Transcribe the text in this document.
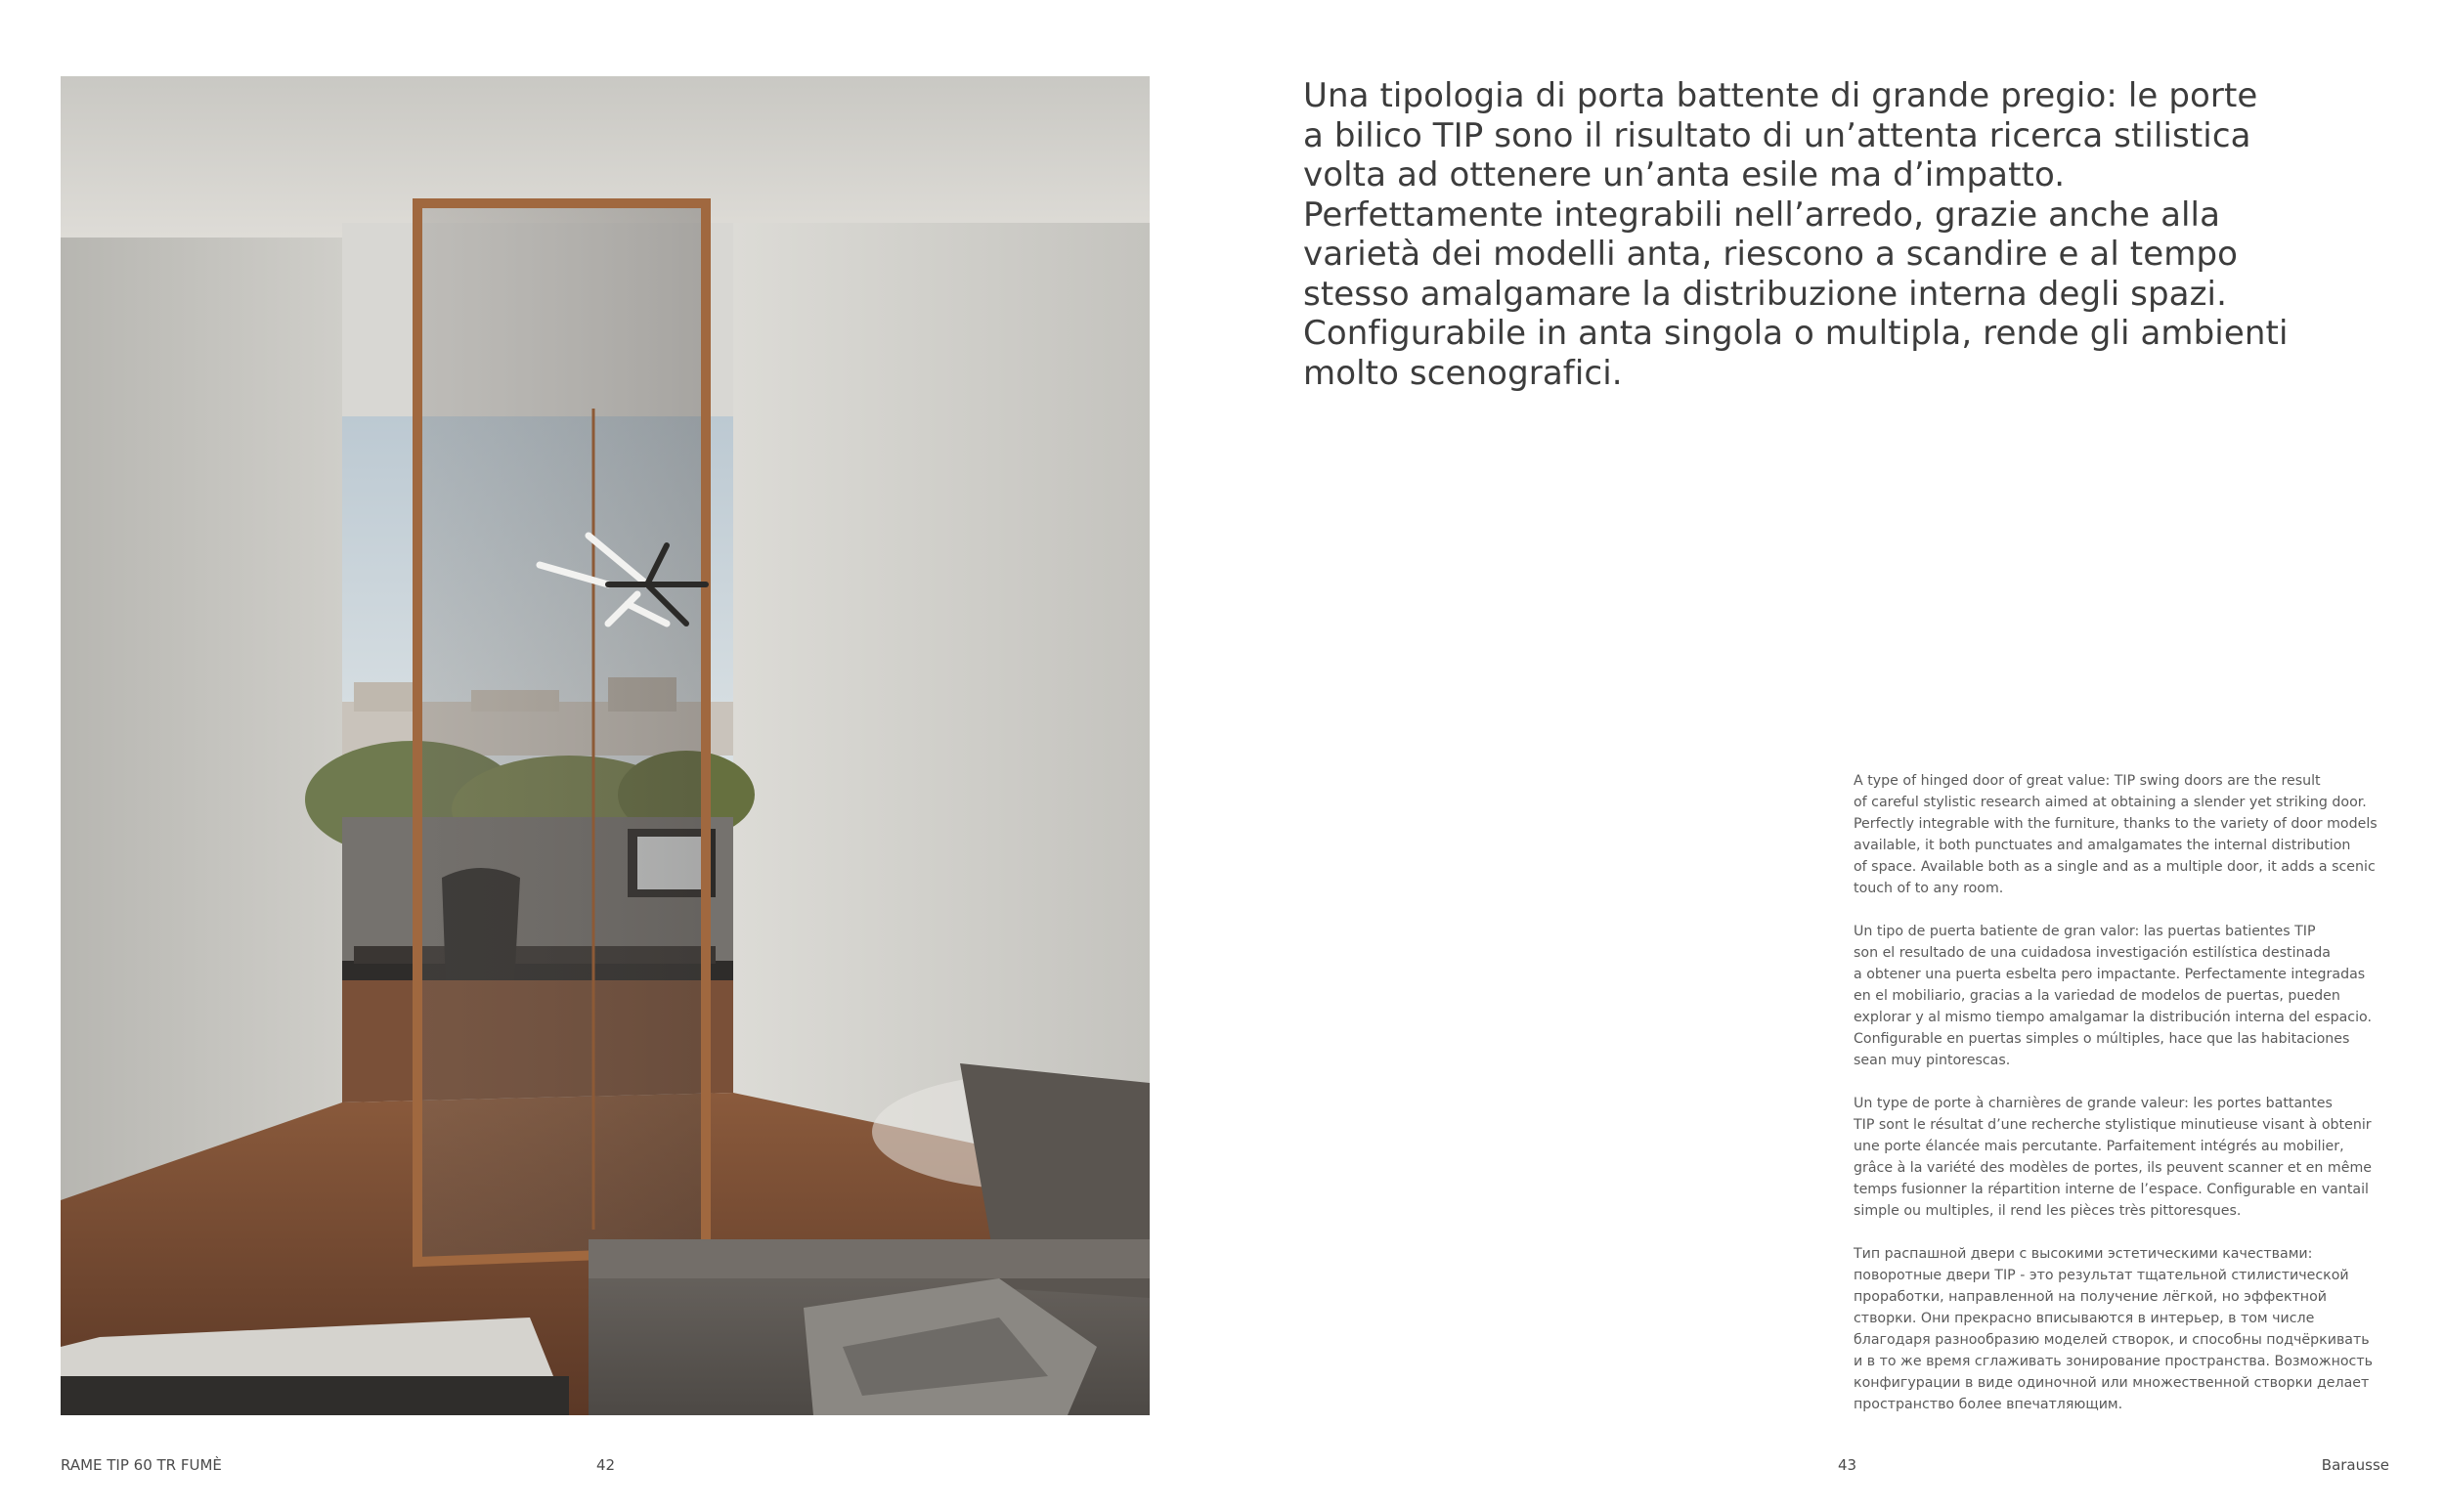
Una tipologia di porta battente di grande pregio: le porte
a bilico TIP sono il risultato di un’attenta ricerca stilistica
volta ad ottenere un’anta esile ma d’impatto.
Perfettamente integrabili nell’arredo, grazie anche alla
varietà dei modelli anta, riescono a scandire e al tempo
stesso amalgamare la distribuzione interna degli spazi.
Configurabile in anta singola o multipla, rende gli ambienti
molto scenografici.

A type of hinged door of great value: TIP swing doors are the result
of careful stylistic research aimed at obtaining a slender yet striking door.
Perfectly integrable with the furniture, thanks to the variety of door models
available, it both punctuates and amalgamates the internal distribution
of space. Available both as a single and as a multiple door, it adds a scenic
touch of to any room.

Un tipo de puerta batiente de gran valor: las puertas batientes TIP
son el resultado de una cuidadosa investigación estilística destinada
a obtener una puerta esbelta pero impactante. Perfectamente integradas
en el mobiliario, gracias a la variedad de modelos de puertas, pueden
explorar y al mismo tiempo amalgamar la distribución interna del espacio.
Configurable en puertas simples o múltiples, hace que las habitaciones
sean muy pintorescas.

Un type de porte à charnières de grande valeur: les portes battantes
TIP sont le résultat d’une recherche stylistique minutieuse visant à obtenir
une porte élancée mais percutante. Parfaitement intégrés au mobilier,
grâce à la variété des modèles de portes, ils peuvent scanner et en même
temps fusionner la répartition interne de l’espace. Configurable en vantail
simple ou multiples, il rend les pièces très pittoresques.

Тип распашной двери с высокими эстетическими качествами:
поворотные двери TIP - это результат тщательной стилистической
проработки, направленной на получение лёгкой, но эффектной
створки. Они прекрасно вписываются в интерьер, в том числе
благодаря разнообразию моделей створок, и способны подчёркивать
и в то же время сглаживать зонирование пространства. Возможность
конфигурации в виде одиночной или множественной створки делает
пространство более впечатляющим.

RAME TIP 60 TR FUMÈ	42	43	Barausse
